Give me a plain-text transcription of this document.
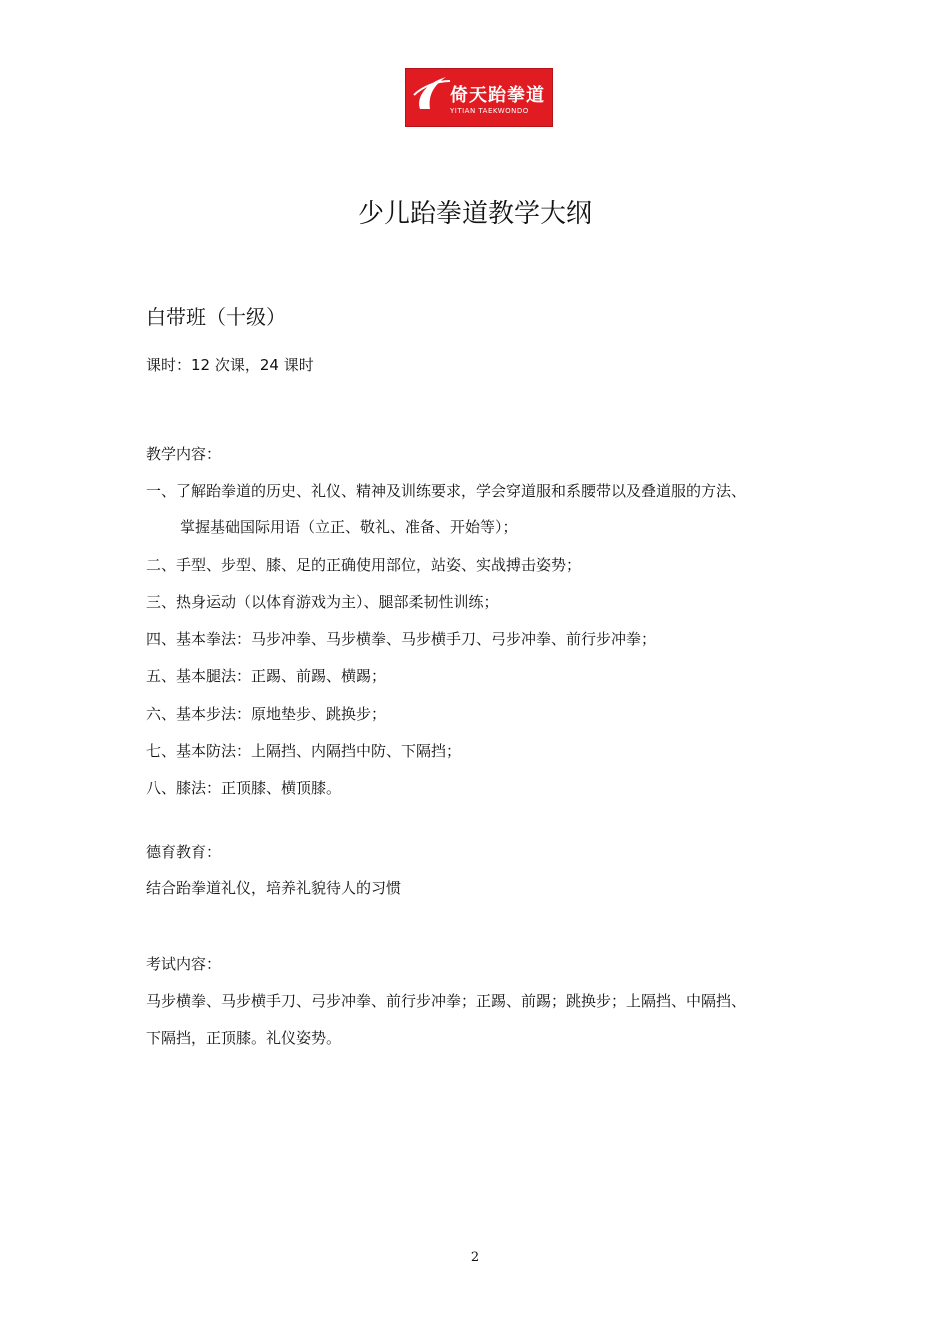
倚天跆拳道
YITIAN TAEKWONDO
少儿跆拳道教学大纲
白带班（十级）

课时：12 次课，24 课时

教学内容：

一、了解跆拳道的历史、礼仪、精神及训练要求，学会穿道服和系腰带以及叠道服的方法、

掌握基础国际用语（立正、敬礼、准备、开始等）；

二、手型、步型、膝、足的正确使用部位，站姿、实战搏击姿势；

三、热身运动（以体育游戏为主）、腿部柔韧性训练；

四、基本拳法：马步冲拳、马步横拳、马步横手刀、弓步冲拳、前行步冲拳；

五、基本腿法：正踢、前踢、横踢；

六、基本步法：原地垫步、跳换步；

七、基本防法：上隔挡、内隔挡中防、下隔挡；

八、膝法：正顶膝、横顶膝。

德育教育：

结合跆拳道礼仪，培养礼貌待人的习惯

考试内容：

马步横拳、马步横手刀、弓步冲拳、前行步冲拳；正踢、前踢；跳换步；上隔挡、中隔挡、

下隔挡，正顶膝。礼仪姿势。

2
